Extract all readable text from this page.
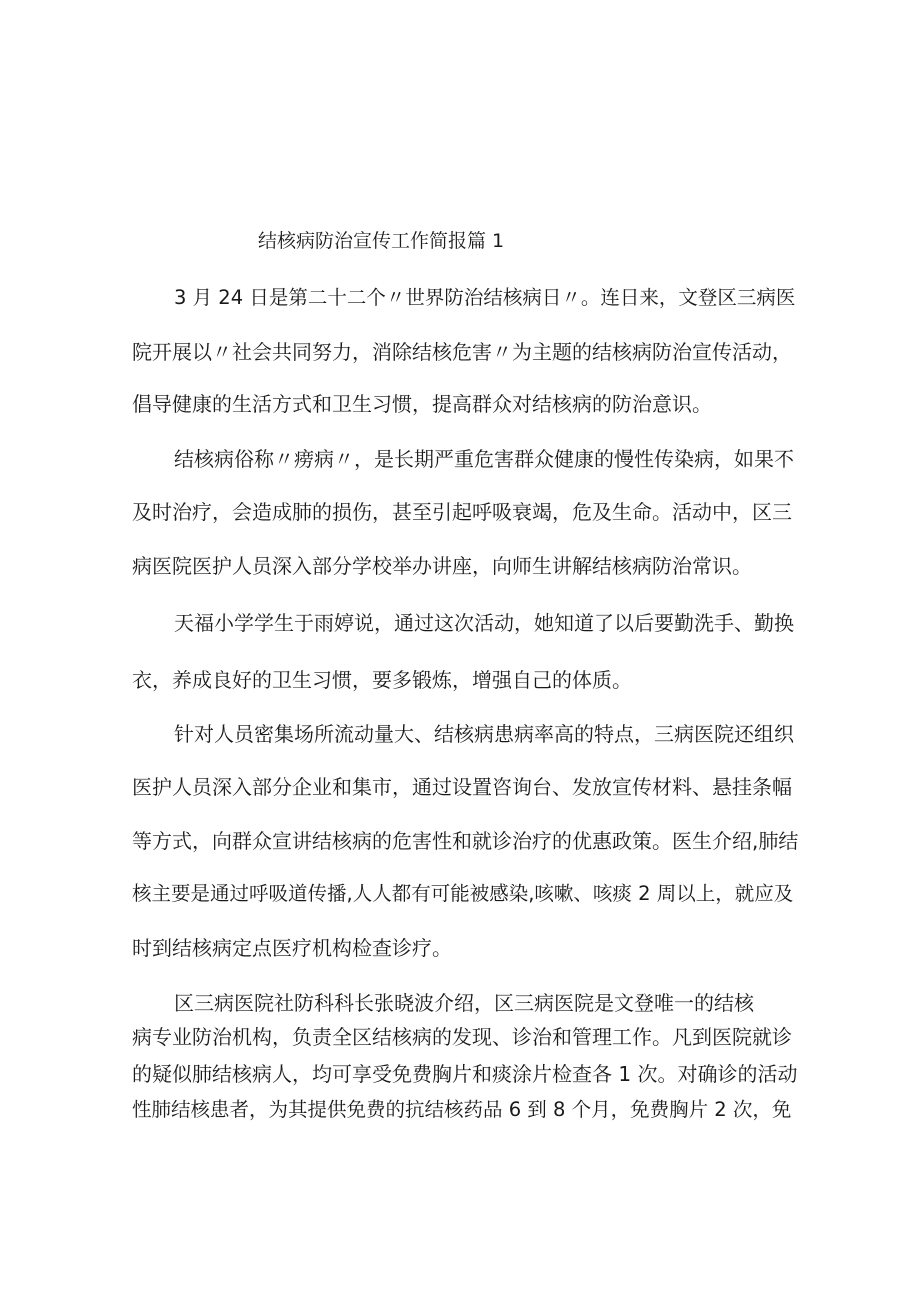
结核病防治宣传工作简报篇 1
3 月 24 日是第二十二个〃世界防治结核病日〃。连日来，文登区三病医
院开展以〃社会共同努力，消除结核危害〃为主题的结核病防治宣传活动，
倡导健康的生活方式和卫生习惯，提高群众对结核病的防治意识。
结核病俗称〃痨病〃，是长期严重危害群众健康的慢性传染病，如果不
及时治疗，会造成肺的损伤，甚至引起呼吸衰竭，危及生命。活动中，区三
病医院医护人员深入部分学校举办讲座，向师生讲解结核病防治常识。
天福小学学生于雨婷说，通过这次活动，她知道了以后要勤洗手、勤换
衣，养成良好的卫生习惯，要多锻炼，增强自己的体质。
针对人员密集场所流动量大、结核病患病率高的特点，三病医院还组织
医护人员深入部分企业和集市，通过设置咨询台、发放宣传材料、悬挂条幅
等方式，向群众宣讲结核病的危害性和就诊治疗的优惠政策。医生介绍,肺结
核主要是通过呼吸道传播,人人都有可能被感染,咳嗽、咳痰 2 周以上，就应及
时到结核病定点医疗机构检查诊疗。
区三病医院社防科科长张晓波介绍，区三病医院是文登唯一的结核
病专业防治机构，负责全区结核病的发现、诊治和管理工作。凡到医院就诊
的疑似肺结核病人，均可享受免费胸片和痰涂片检查各 1 次。对确诊的活动
性肺结核患者，为其提供免费的抗结核药品 6 到 8 个月，免费胸片 2 次，免
